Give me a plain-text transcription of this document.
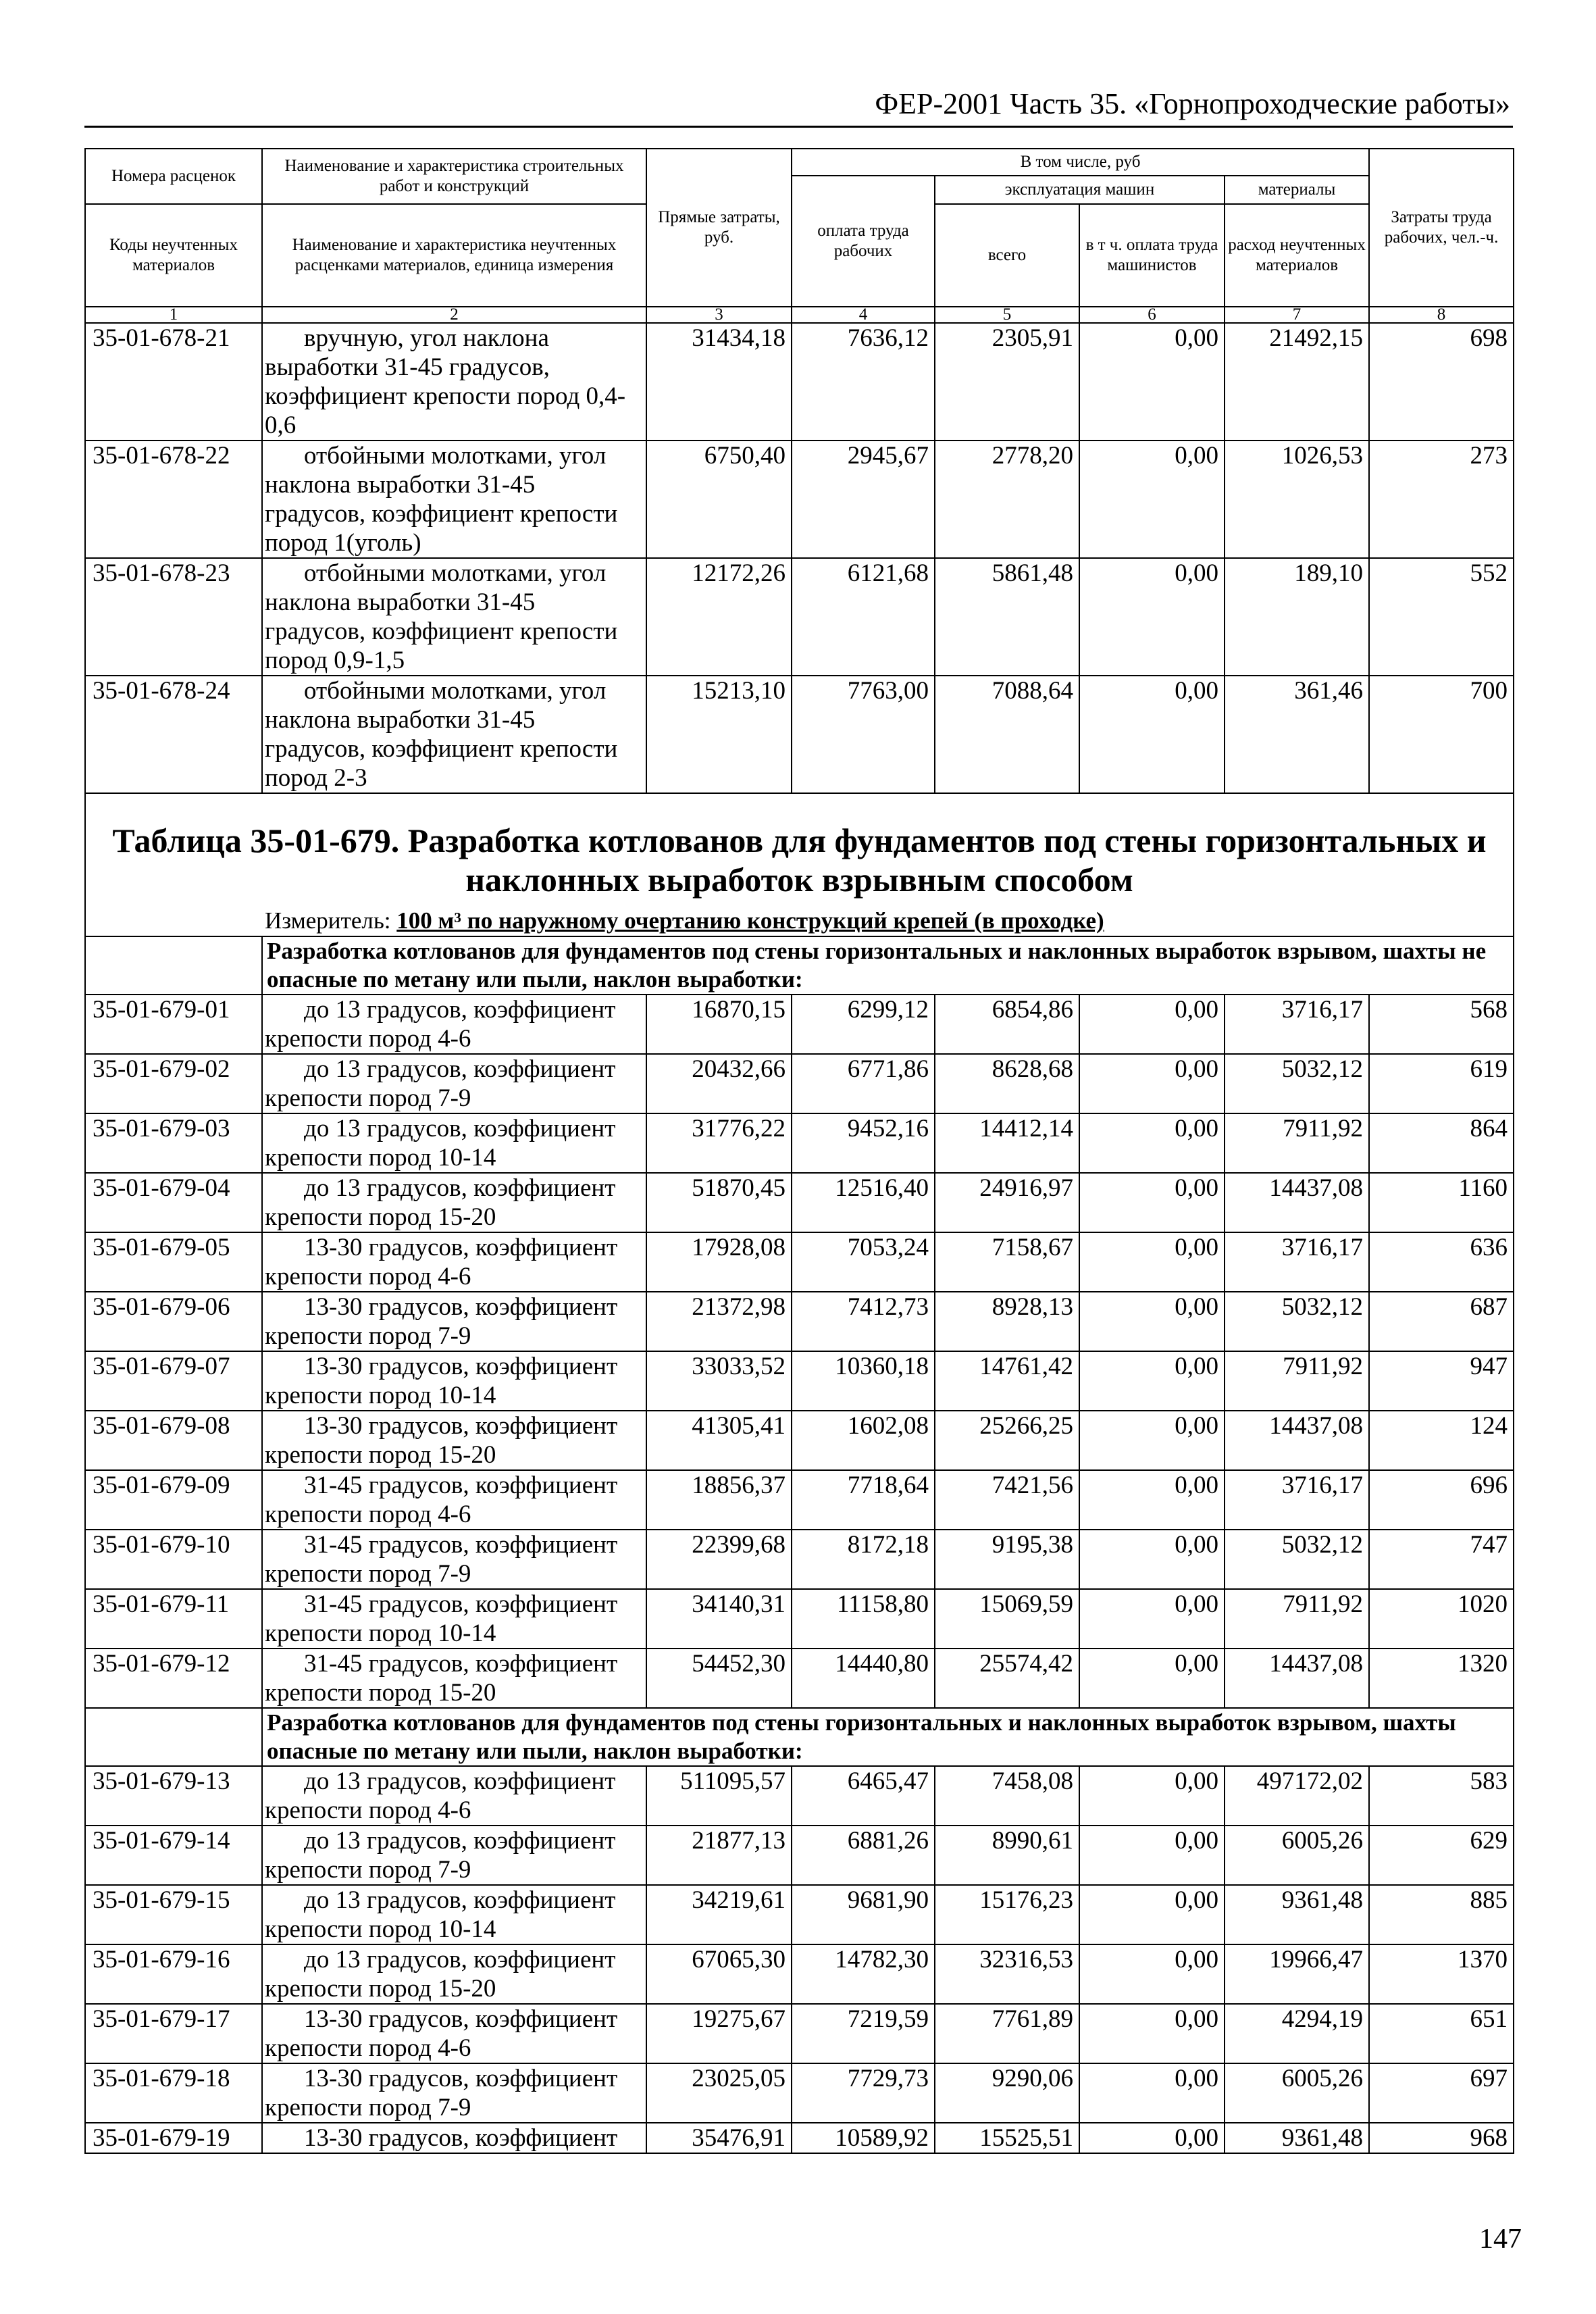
ФЕР-2001 Часть 35. «Горнопроходческие работы»
Номера расценок	Наименование и характеристика строительных работ и конструкций	Прямые затраты, руб.	В том числе, руб				Затраты труда рабочих, чел.-ч.
			оплата труда рабочих	эксплуатация машин		материалы	
Коды неучтенных материалов	Наименование и характеристика неучтенных расценками материалов, единица измерения			всего	в т ч. оплата труда машинистов	расход неучтенных материалов	
1	2	3	4	5	6	7	8
35-01-678-21	вручную, угол наклона выработки 31-45 градусов, коэффициент крепости пород 0,4-0,6	31434,18	7636,12	2305,91	0,00	21492,15	698
35-01-678-22	отбойными молотками, угол наклона выработки 31-45 градусов, коэффициент крепости пород 1(уголь)	6750,40	2945,67	2778,20	0,00	1026,53	273
35-01-678-23	отбойными молотками, угол наклона выработки 31-45 градусов, коэффициент крепости пород 0,9-1,5	12172,26	6121,68	5861,48	0,00	189,10	552
35-01-678-24	отбойными молотками, угол наклона выработки 31-45 градусов, коэффициент крепости пород 2-3	15213,10	7763,00	7088,64	0,00	361,46	700

Таблица 35-01-679. Разработка котлованов для фундаментов под стены горизонтальных и наклонных выработок взрывным способом
Измеритель: 100 м³ по наружному очертанию конструкций крепей (в проходке)							

	Разработка котлованов для фундаментов под стены горизонтальных и наклонных выработок взрывом, шахты не опасные по метану или пыли, наклон выработки:						
35-01-679-01	до 13 градусов, коэффициент крепости пород 4-6	16870,15	6299,12	6854,86	0,00	3716,17	568
35-01-679-02	до 13 градусов, коэффициент крепости пород 7-9	20432,66	6771,86	8628,68	0,00	5032,12	619
35-01-679-03	до 13 градусов, коэффициент крепости пород 10-14	31776,22	9452,16	14412,14	0,00	7911,92	864
35-01-679-04	до 13 градусов, коэффициент крепости пород 15-20	51870,45	12516,40	24916,97	0,00	14437,08	1160
35-01-679-05	13-30 градусов, коэффициент крепости пород 4-6	17928,08	7053,24	7158,67	0,00	3716,17	636
35-01-679-06	13-30 градусов, коэффициент крепости пород 7-9	21372,98	7412,73	8928,13	0,00	5032,12	687
35-01-679-07	13-30 градусов, коэффициент крепости пород 10-14	33033,52	10360,18	14761,42	0,00	7911,92	947
35-01-679-08	13-30 градусов, коэффициент крепости пород 15-20	41305,41	1602,08	25266,25	0,00	14437,08	124
35-01-679-09	31-45 градусов, коэффициент крепости пород 4-6	18856,37	7718,64	7421,56	0,00	3716,17	696
35-01-679-10	31-45 градусов, коэффициент крепости пород 7-9	22399,68	8172,18	9195,38	0,00	5032,12	747
35-01-679-11	31-45 градусов, коэффициент крепости пород 10-14	34140,31	11158,80	15069,59	0,00	7911,92	1020
35-01-679-12	31-45 градусов, коэффициент крепости пород 15-20	54452,30	14440,80	25574,42	0,00	14437,08	1320
	Разработка котлованов для фундаментов под стены горизонтальных и наклонных выработок взрывом, шахты опасные по метану или пыли, наклон выработки:						
35-01-679-13	до 13 градусов, коэффициент крепости пород 4-6	511095,57	6465,47	7458,08	0,00	497172,02	583
35-01-679-14	до 13 градусов, коэффициент крепости пород 7-9	21877,13	6881,26	8990,61	0,00	6005,26	629
35-01-679-15	до 13 градусов, коэффициент крепости пород 10-14	34219,61	9681,90	15176,23	0,00	9361,48	885
35-01-679-16	до 13 градусов, коэффициент крепости пород 15-20	67065,30	14782,30	32316,53	0,00	19966,47	1370
35-01-679-17	13-30 градусов, коэффициент крепости пород 4-6	19275,67	7219,59	7761,89	0,00	4294,19	651
35-01-679-18	13-30 градусов, коэффициент крепости пород 7-9	23025,05	7729,73	9290,06	0,00	6005,26	697
35-01-679-19	13-30 градусов, коэффициент	35476,91	10589,92	15525,51	0,00	9361,48	968
147
